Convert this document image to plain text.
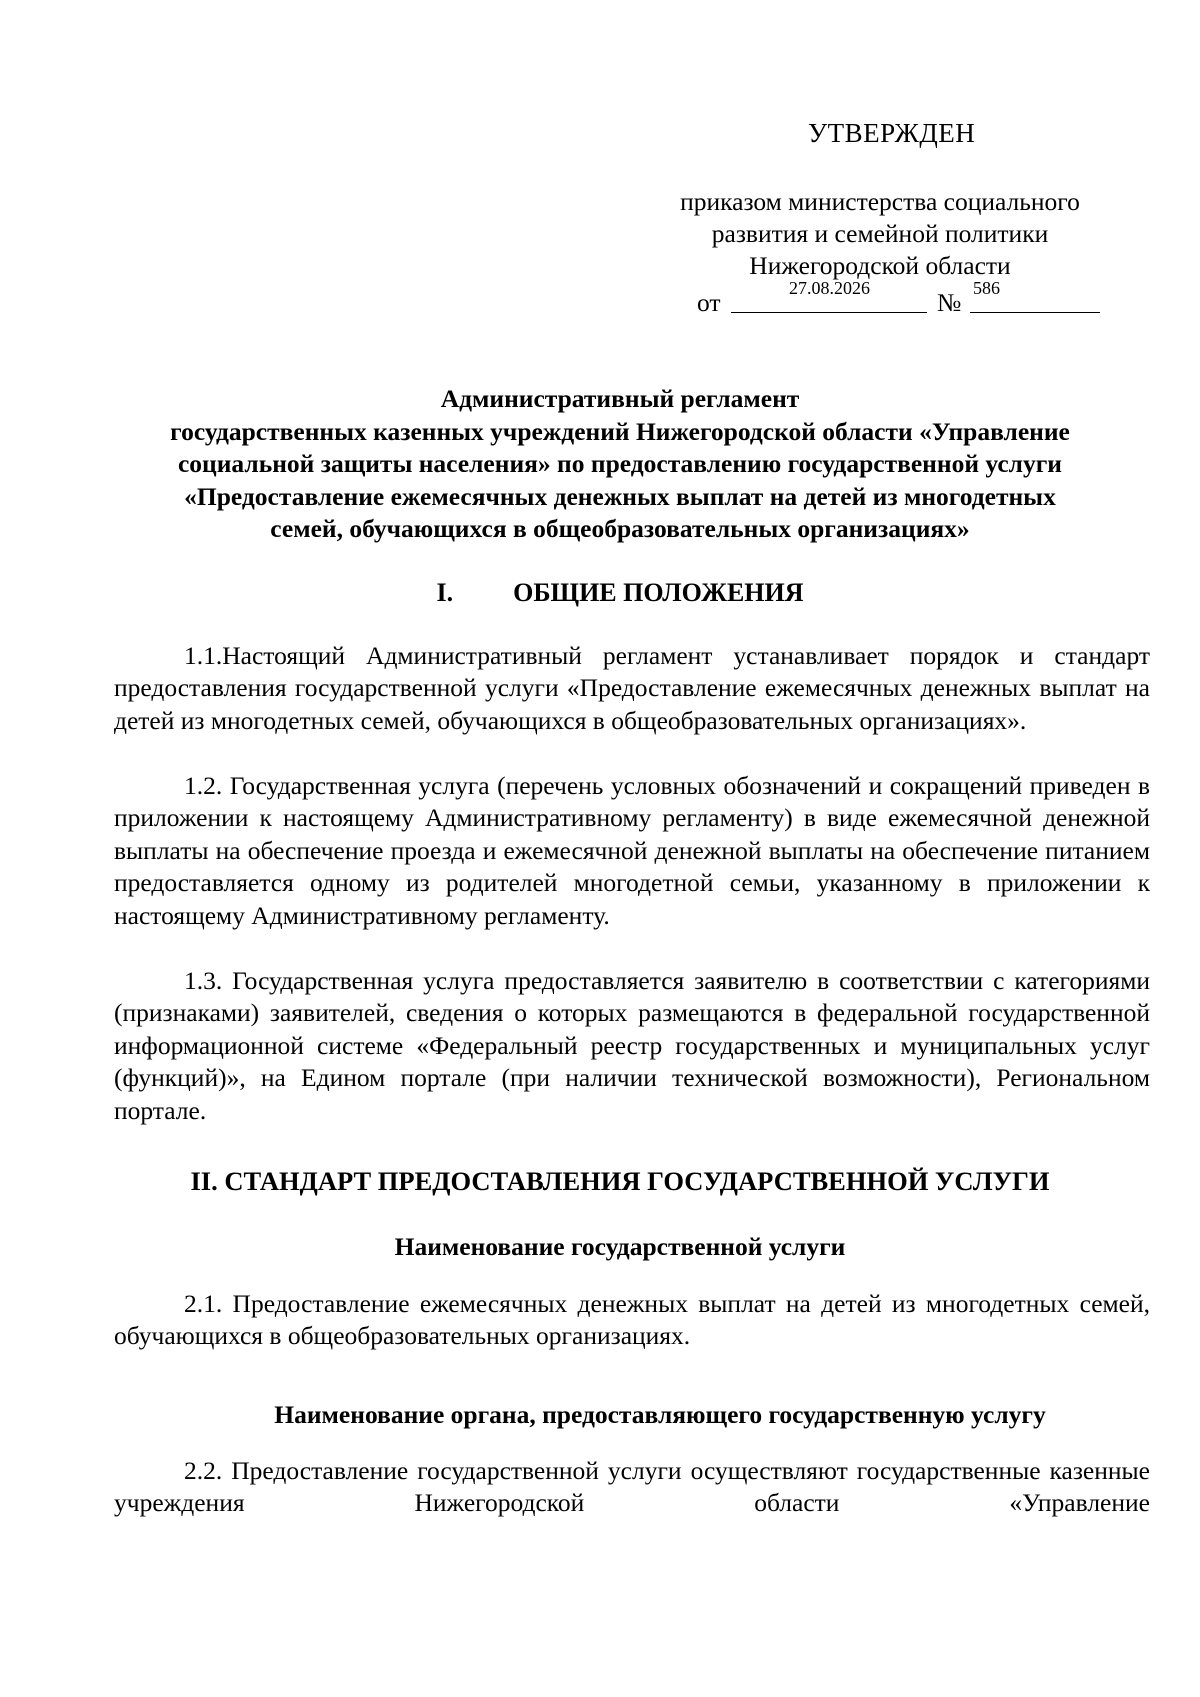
УТВЕРЖДЕН
приказом министерства социального
развития и семейной политики
Нижегородской области
от	27.08.2026	№ 586
Административный регламент
государственных казенных учреждений Нижегородской области «Управление
социальной защиты населения» по предоставлению государственной услуги
«Предоставление ежемесячных денежных выплат на детей из многодетных
семей, обучающихся в общеобразовательных организациях»
I. ОБЩИЕ ПОЛОЖЕНИЯ

1.1.Настоящий Административный регламент устанавливает порядок и стандарт предоставления государственной услуги «Предоставление ежемесячных денежных выплат на детей из многодетных семей, обучающихся в общеобразовательных организациях».

1.2. Государственная услуга (перечень условных обозначений и сокращений приведен в приложении к настоящему Административному регламенту) в виде ежемесячной денежной выплаты на обеспечение проезда и ежемесячной денежной выплаты на обеспечение питанием предоставляется одному из родителей многодетной семьи, указанному в приложении к настоящему Административному регламенту.

1.3. Государственная услуга предоставляется заявителю в соответствии с категориями (признаками) заявителей, сведения о которых размещаются в федеральной государственной информационной системе «Федеральный реестр государственных и муниципальных услуг (функций)», на Едином портале (при наличии технической возможности), Региональном портале.

II. СТАНДАРТ ПРЕДОСТАВЛЕНИЯ ГОСУДАРСТВЕННОЙ УСЛУГИ
Наименование государственной услуги

2.1. Предоставление ежемесячных денежных выплат на детей из многодетных семей, обучающихся в общеобразовательных организациях.

Наименование органа, предоставляющего государственную услугу

2.2. Предоставление государственной услуги осуществляют государственные казенные учреждения Нижегородской области «Управление
